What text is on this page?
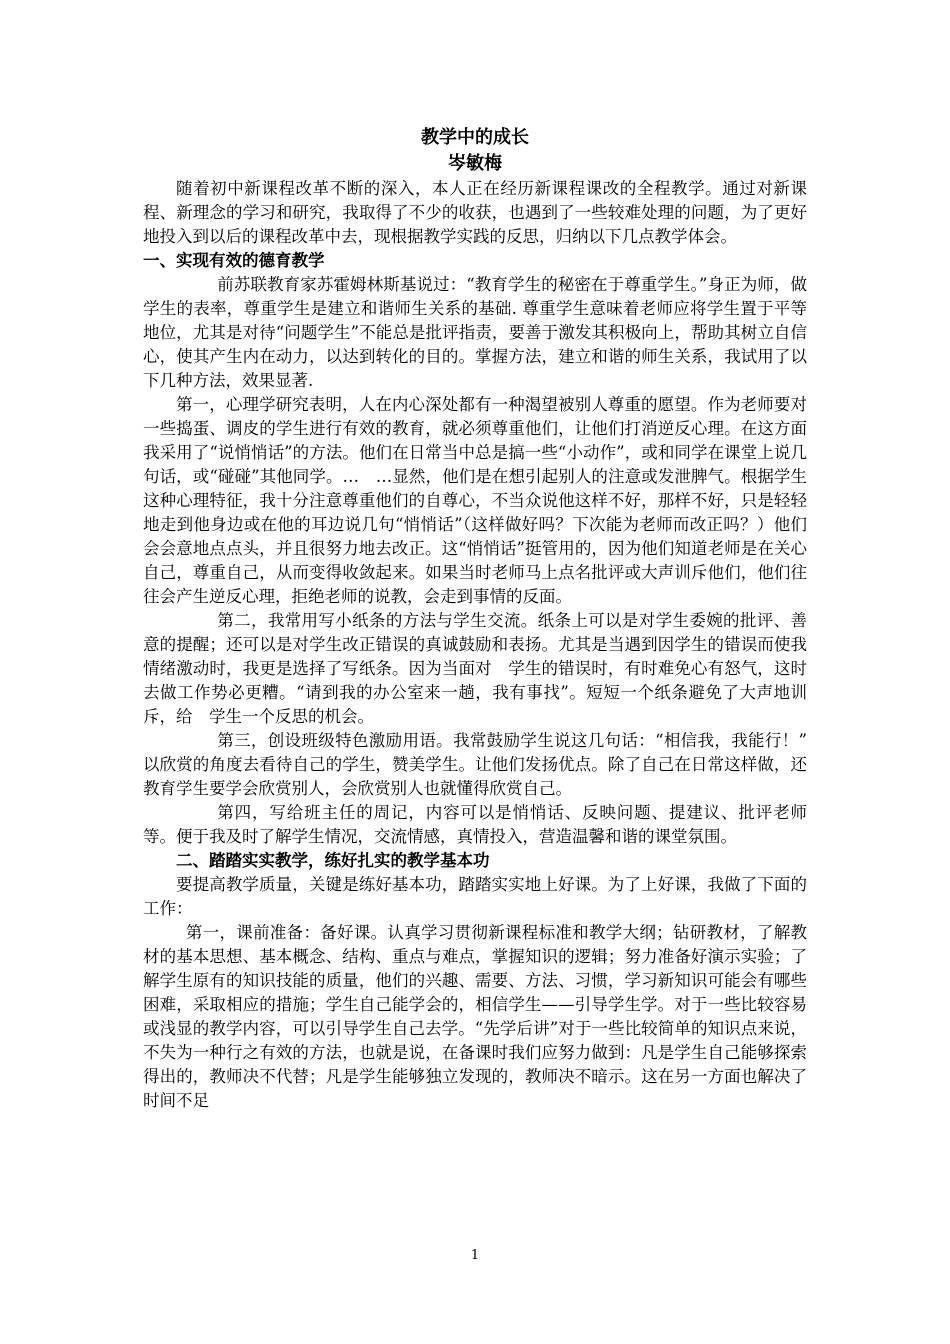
教学中的成长
岑敏梅

随着初中新课程改革不断的深入，本人正在经历新课程课改的全程教学。通过对新课程、新理念的学习和研究，我取得了不少的收获，也遇到了一些较难处理的问题，为了更好地投入到以后的课程改革中去，现根据教学实践的反思，归纳以下几点教学体会。

一、实现有效的德育教学

前苏联教育家苏霍姆林斯基说过：“教育学生的秘密在于尊重学生。”身正为师，做学生的表率，尊重学生是建立和谐师生关系的基础. 尊重学生意味着老师应将学生置于平等地位，尤其是对待“问题学生”不能总是批评指责，要善于激发其积极向上，帮助其树立自信心，使其产生内在动力，以达到转化的目的。掌握方法，建立和谐的师生关系，我试用了以下几种方法，效果显著.

第一，心理学研究表明，人在内心深处都有一种渴望被别人尊重的愿望。作为老师要对一些捣蛋、调皮的学生进行有效的教育，就必须尊重他们，让他们打消逆反心理。在这方面我采用了“说悄悄话”的方法。他们在日常当中总是搞一些“小动作”，或和同学在课堂上说几句话，或“碰碰”其他同学。…　…显然，他们是在想引起别人的注意或发泄脾气。根据学生这种心理特征，我十分注意尊重他们的自尊心，不当众说他这样不好，那样不好，只是轻轻地走到他身边或在他的耳边说几句“悄悄话”（这样做好吗？下次能为老师而改正吗？）他们会会意地点点头，并且很努力地去改正。这“悄悄话”挺管用的，因为他们知道老师是在关心自己，尊重自己，从而变得收敛起来。如果当时老师马上点名批评或大声训斥他们，他们往往会产生逆反心理，拒绝老师的说教，会走到事情的反面。

第二，我常用写小纸条的方法与学生交流。纸条上可以是对学生委婉的批评、善意的提醒；还可以是对学生改正错误的真诚鼓励和表扬。尤其是当遇到因学生的错误而使我情绪激动时，我更是选择了写纸条。因为当面对　学生的错误时，有时难免心有怒气，这时去做工作势必更糟。“请到我的办公室来一趟，我有事找”。短短一个纸条避免了大声地训斥，给　学生一个反思的机会。

第三，创设班级特色激励用语。我常鼓励学生说这几句话：“相信我，我能行！”　以欣赏的角度去看待自己的学生，赞美学生。让他们发扬优点。除了自己在日常这样做，还教育学生要学会欣赏别人，会欣赏别人也就懂得欣赏自己。

第四，写给班主任的周记，内容可以是悄悄话、反映问题、提建议、批评老师等。便于我及时了解学生情况，交流情感，真情投入，营造温馨和谐的课堂氛围。

二、踏踏实实教学，练好扎实的教学基本功

要提高教学质量，关键是练好基本功，踏踏实实地上好课。为了上好课，我做了下面的工作：

第一，课前准备：备好课。认真学习贯彻新课程标准和教学大纲；钻研教材，了解教材的基本思想、基本概念、结构、重点与难点，掌握知识的逻辑；努力准备好演示实验；了解学生原有的知识技能的质量，他们的兴趣、需要、方法、习惯，学习新知识可能会有哪些困难，采取相应的措施；学生自己能学会的，相信学生——引导学生学。对于一些比较容易或浅显的教学内容，可以引导学生自己去学。“先学后讲”对于一些比较简单的知识点来说，不失为一种行之有效的方法，也就是说，在备课时我们应努力做到：凡是学生自己能够探索得出的，教师决不代替；凡是学生能够独立发现的，教师决不暗示。这在另一方面也解决了时间不足

1
